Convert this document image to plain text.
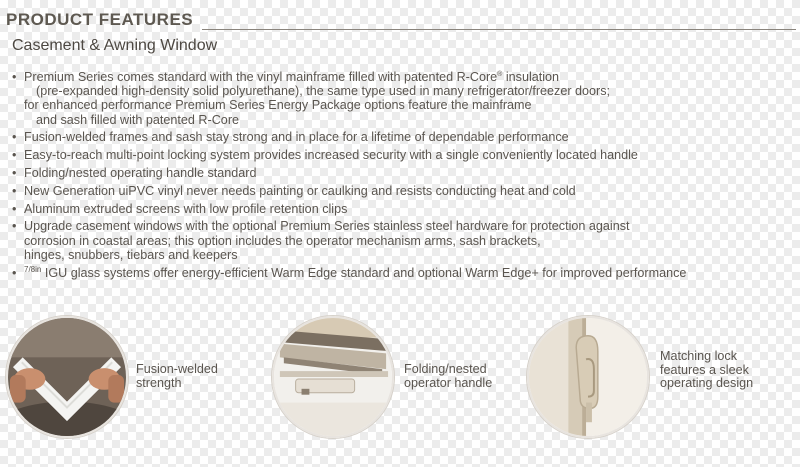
PRODUCT FEATURES
Casement & Awning Window
• Premium Series comes standard with the vinyl mainframe filled with patented R-Core® insulation
(pre-expanded high-density solid polyurethane), the same type used in many refrigerator/freezer doors;
for enhanced performance Premium Series Energy Package options feature the mainframe
and sash filled with patented R-Core
• Fusion-welded frames and sash stay strong and in place for a lifetime of dependable performance
• Easy-to-reach multi-point locking system provides increased security with a single conveniently located handle
• Folding/nested operating handle standard
• New Generation uiPVC vinyl never needs painting or caulking and resists conducting heat and cold
• Aluminum extruded screens with low profile retention clips
• Upgrade casement windows with the optional Premium Series stainless steel hardware for protection against
corrosion in coastal areas; this option includes the operator mechanism arms, sash brackets,
hinges, snubbers, tiebars and keepers
• $^{7/8in}$ IGU glass systems offer energy-efficient Warm Edge standard and optional Warm Edge+ for improved performance
Fusion-welded
strength
Folding/nested
operator handle
Matching lock
features a sleek
operating design
